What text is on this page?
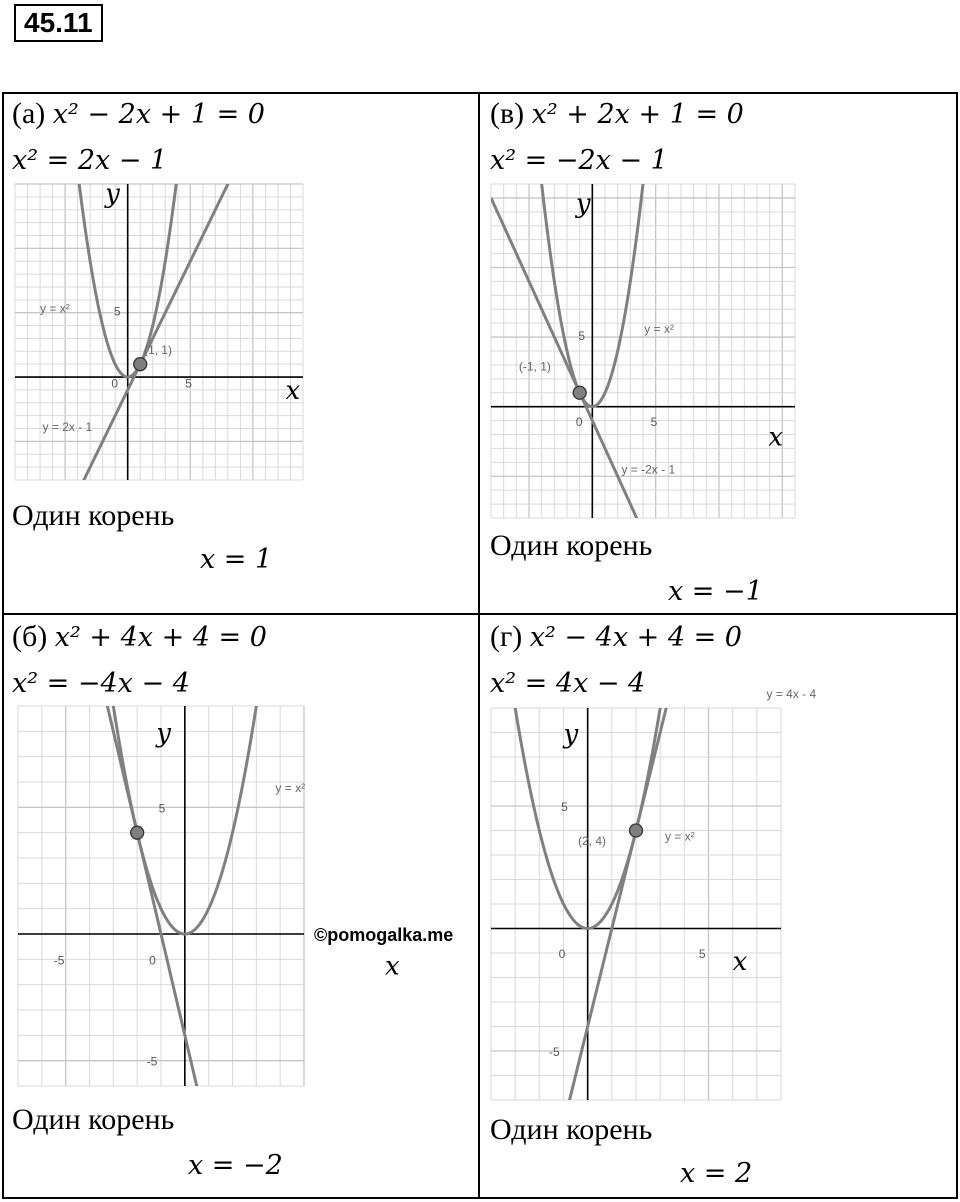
45.11
(а) x² − 2x + 1 = 0
x² = 2x − 1
0	5
5
y = x²
y = 2x - 1
(1, 1)
x
y
Один корень
x = 1
(в) x² + 2x + 1 = 0
x² = −2x − 1
0	5
5	y = x²
y = -2x - 1
(-1, 1)
x
y
Один корень
x = −1
(б) x² + 4x + 4 = 0
x² = −4x − 4
0
-5
5
-5
y = x²
x
y
Один корень
x = −2
(г) x² − 4x + 4 = 0
x² = 4x − 4
0	5
5
-5
y = x²
y = 4x - 4
(2, 4)
x
y
Один корень
x = 2
©pomogalka.me
